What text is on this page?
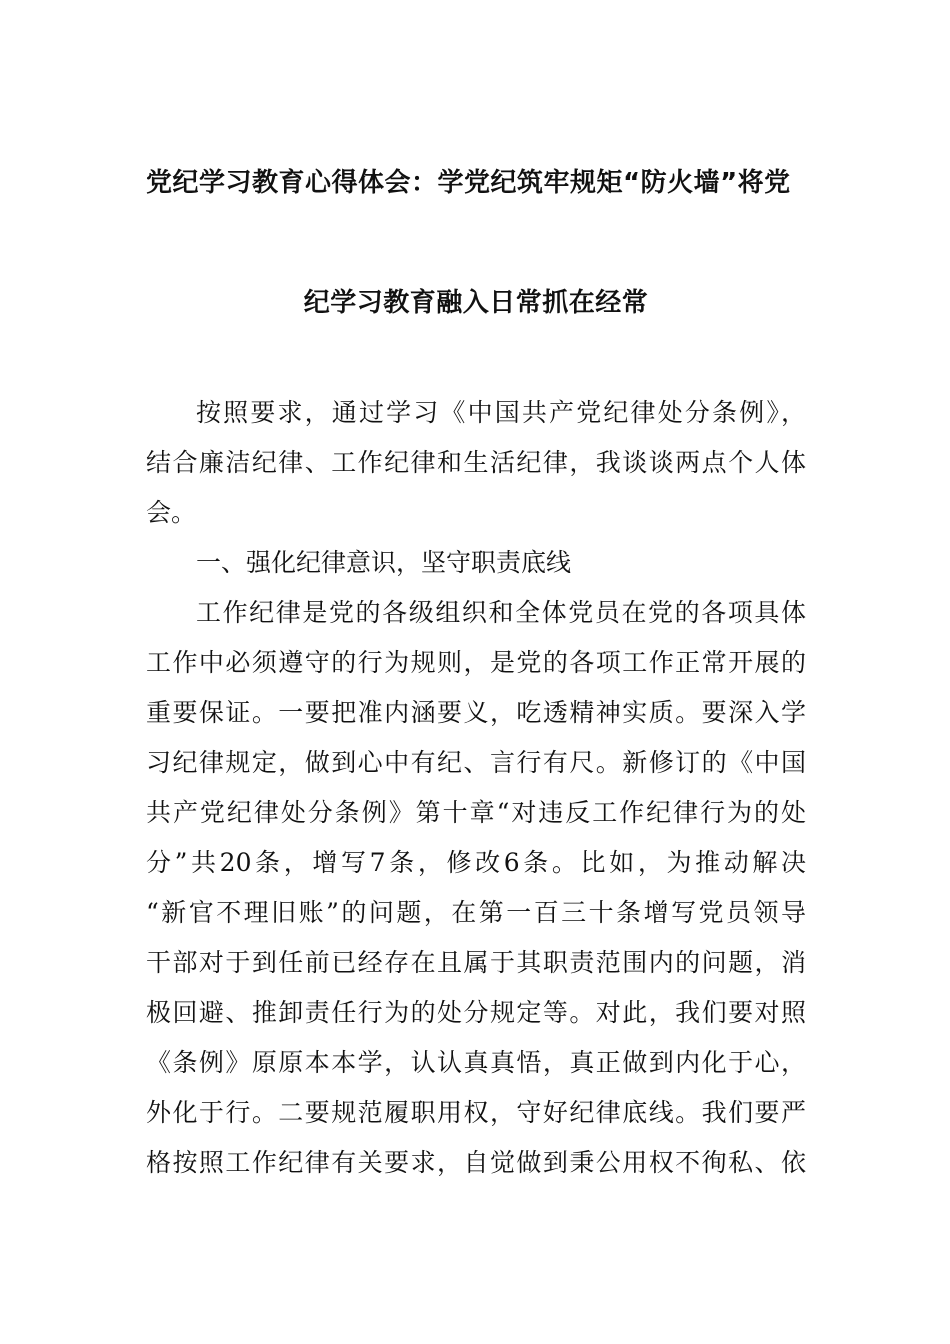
党纪学习教育心得体会：学党纪筑牢规矩“防火墙”将党
纪学习教育融入日常抓在经常
按照要求，通过学习《中国共产党纪律处分条例》，
结合廉洁纪律、工作纪律和生活纪律，我谈谈两点个人体
会。
一、强化纪律意识，坚守职责底线
工作纪律是党的各级组织和全体党员在党的各项具体
工作中必须遵守的行为规则，是党的各项工作正常开展的
重要保证。一要把准内涵要义，吃透精神实质。要深入学
习纪律规定，做到心中有纪、言行有尺。新修订的《中国
共产党纪律处分条例》第十章“对违反工作纪律行为的处
分”共20条，增写7条，修改6条。比如，为推动解决
“新官不理旧账”的问题，在第一百三十条增写党员领导
干部对于到任前已经存在且属于其职责范围内的问题，消
极回避、推卸责任行为的处分规定等。对此，我们要对照
《条例》原原本本学，认认真真悟，真正做到内化于心，
外化于行。二要规范履职用权，守好纪律底线。我们要严
格按照工作纪律有关要求，自觉做到秉公用权不徇私、依
